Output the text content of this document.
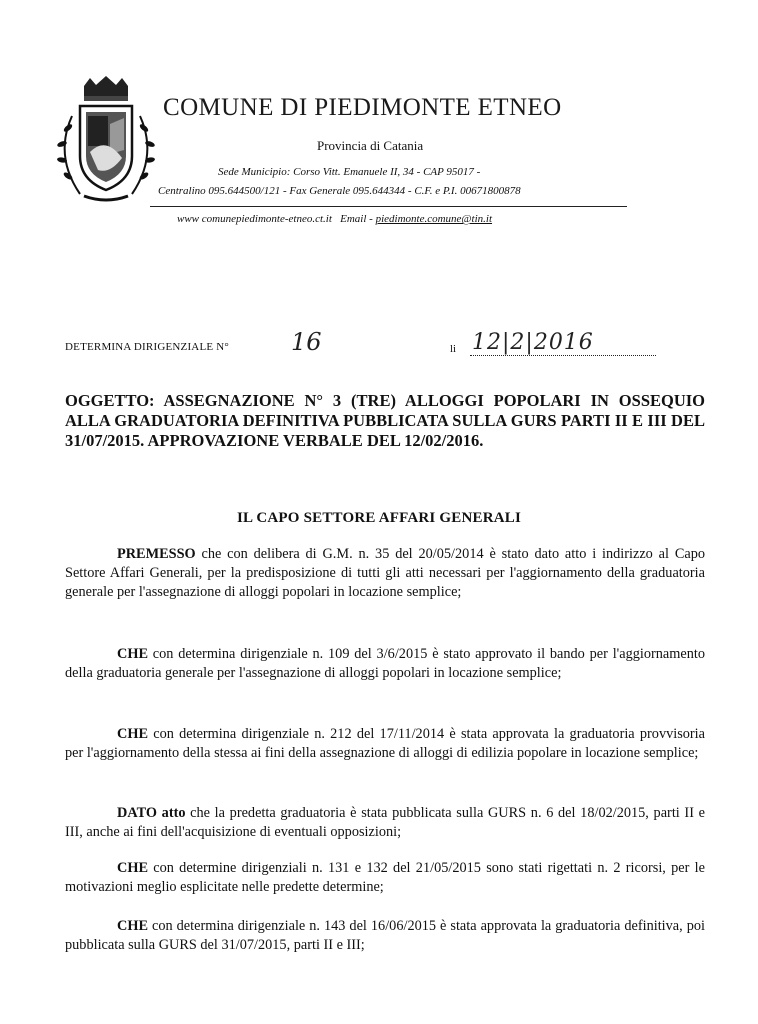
COMUNE DI PIEDIMONTE ETNEO
Provincia di Catania
Sede Municipio: Corso Vitt. Emanuele II, 34 - CAP 95017 -
Centralino 095.644500/121 - Fax Generale 095.644344 - C.F. e P.I. 00671800878
www comunepiedimonte-etneo.ct.it Email - piedimonte.comune@tin.it
DETERMINA DIRIGENZIALE N°	16	li 12|2|2016
OGGETTO: ASSEGNAZIONE N° 3 (TRE) ALLOGGI POPOLARI IN OSSEQUIO ALLA GRADUATORIA DEFINITIVA PUBBLICATA SULLA GURS PARTI II E III DEL 31/07/2015. APPROVAZIONE VERBALE DEL 12/02/2016.
IL CAPO SETTORE AFFARI GENERALI
PREMESSO che con delibera di G.M. n. 35 del 20/05/2014 è stato dato atto i indirizzo al Capo Settore Affari Generali, per la predisposizione di tutti gli atti necessari per l'aggiornamento della graduatoria generale per l'assegnazione di alloggi popolari in locazione semplice;
CHE con determina dirigenziale n. 109 del 3/6/2015 è stato approvato il bando per l'aggiornamento della graduatoria generale per l'assegnazione di alloggi popolari in locazione semplice;
CHE con determina dirigenziale n. 212 del 17/11/2014 è stata approvata la graduatoria provvisoria per l'aggiornamento della stessa ai fini della assegnazione di alloggi di edilizia popolare in locazione semplice;
DATO atto che la predetta graduatoria è stata pubblicata sulla GURS n. 6 del 18/02/2015, parti II e III, anche ai fini dell'acquisizione di eventuali opposizioni;
CHE con determine dirigenziali n. 131 e 132 del 21/05/2015 sono stati rigettati n. 2 ricorsi, per le motivazioni meglio esplicitate nelle predette determine;
CHE con determina dirigenziale n. 143 del 16/06/2015 è stata approvata la graduatoria definitiva, poi pubblicata sulla GURS del 31/07/2015, parti II e III;
